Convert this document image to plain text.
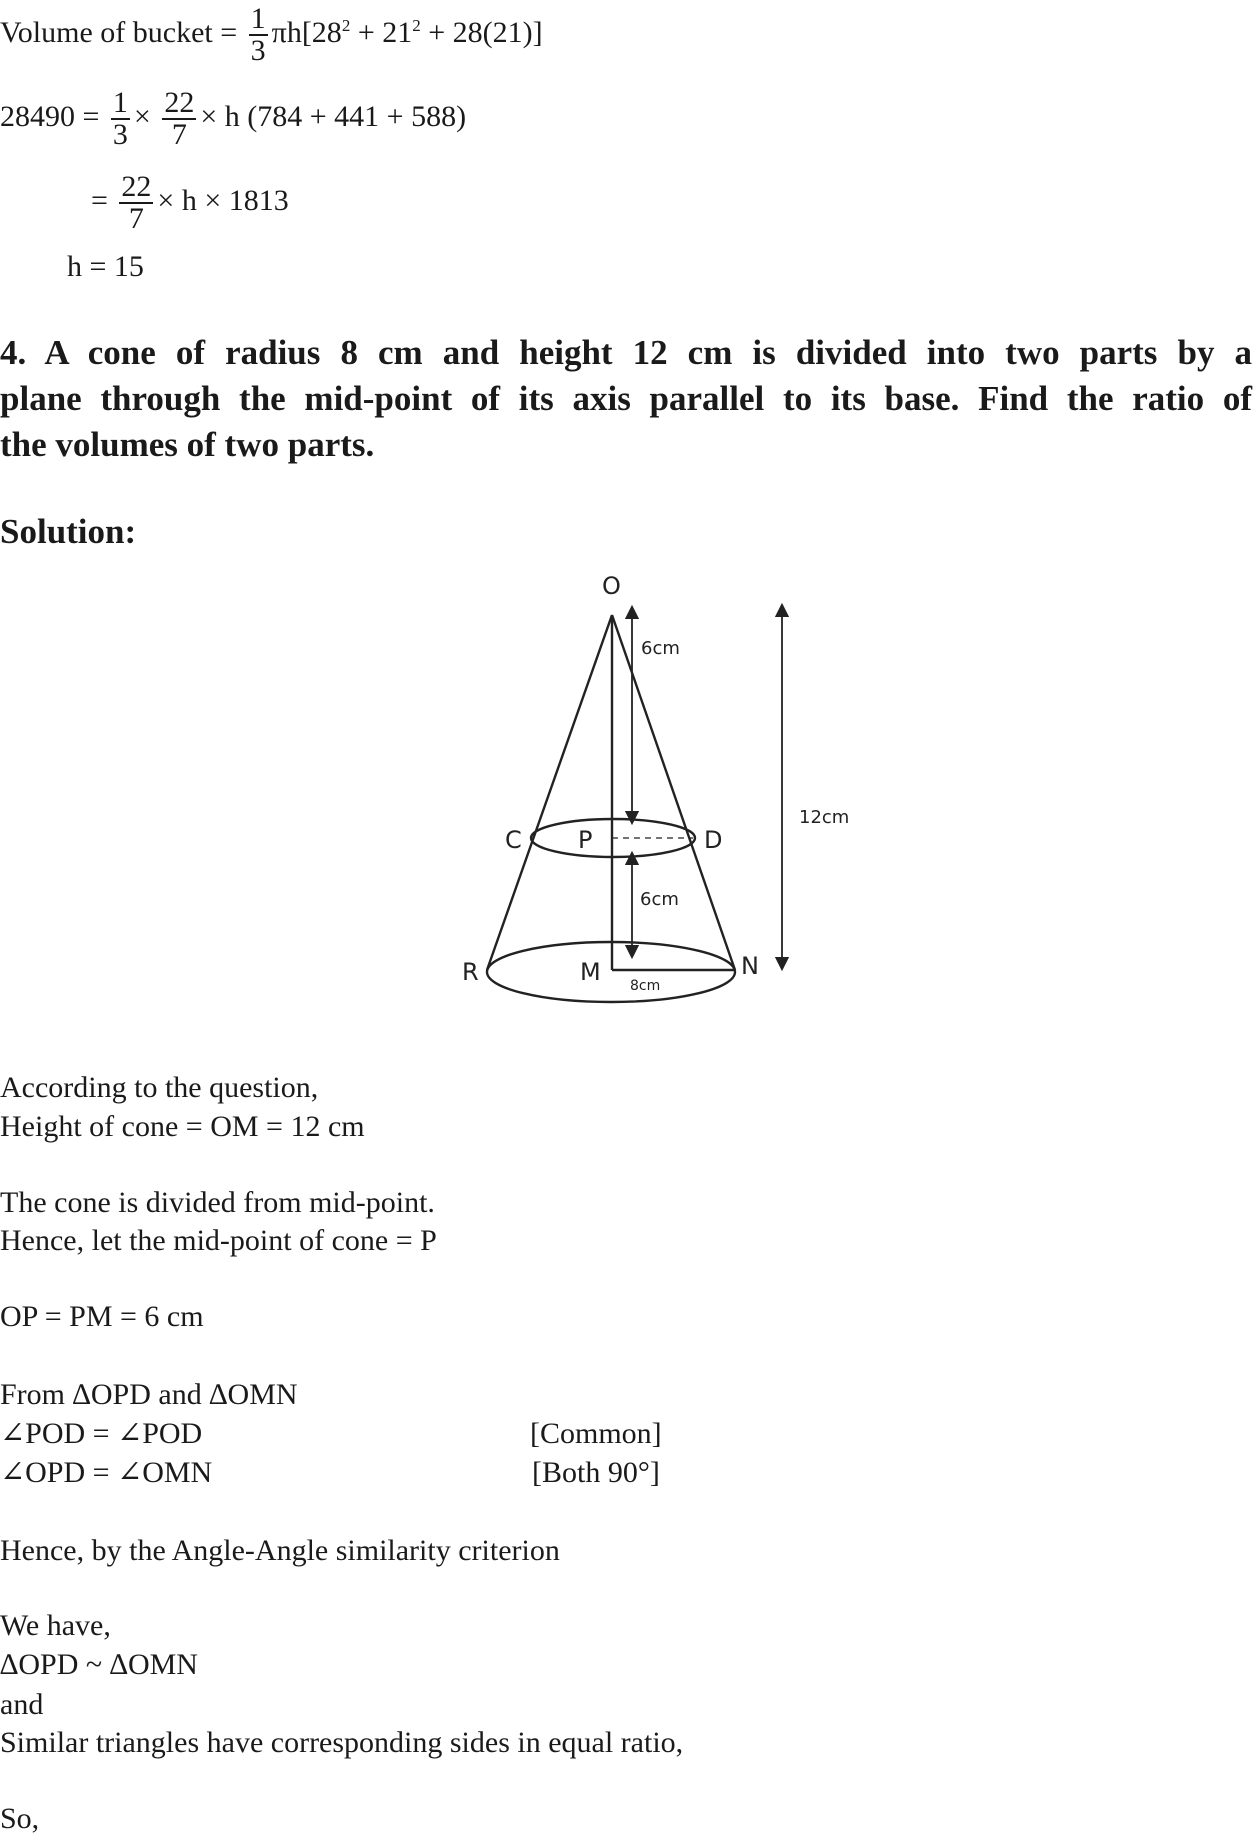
Volume of bucket = $\frac{1}{3} \pi h[28^2 + 21^2 + 28(21)]$
$28490 = \frac{1}{3} \times \frac{22}{7} \times h$ (784 + 441 + 588)
= $\frac{22}{7} \times h \times 1813$
h = 15
4. A cone of radius 8 cm and height 12 cm is divided into two parts by a
plane through the mid-point of its axis parallel to its base. Find the ratio of
the volumes of two parts.
Solution:
O
6cm
12cm
C P	D
6cm
R	M	N
8cm
According to the question,
Height of cone = OM = 12 cm
The cone is divided from mid-point.
Hence, let the mid-point of cone = P
OP = PM = 6 cm
From ∆OPD and ∆OMN
∠POD = ∠POD	[Common]
∠OPD = ∠OMN	[Both 90°]
Hence, by the Angle-Angle similarity criterion
We have,
∆OPD ~ ∆OMN
and
Similar triangles have corresponding sides in equal ratio,
So,
